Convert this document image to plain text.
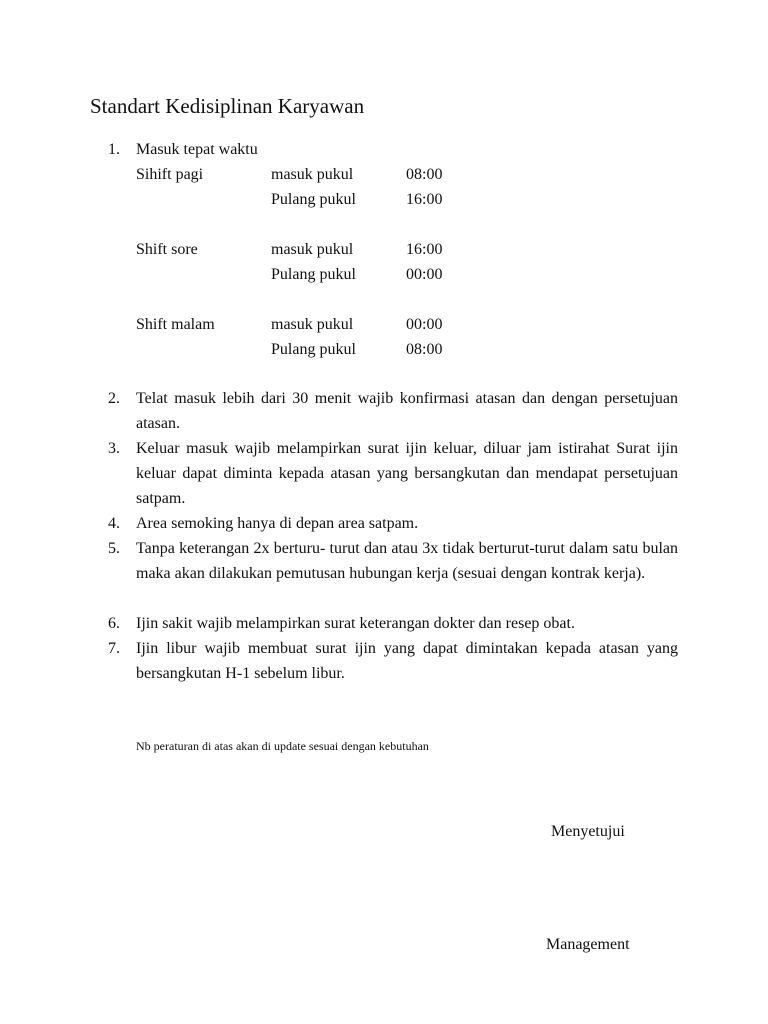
Standart Kedisiplinan Karyawan
1.	Masuk tepat waktu
Sihift pagi	masuk pukul	08:00
Pulang pukul	16:00
Shift sore	masuk pukul	16:00
Pulang pukul	00:00
Shift malam	masuk pukul	00:00
Pulang pukul	08:00
2.	Telat masuk lebih dari 30 menit wajib konfirmasi atasan dan dengan persetujuan atasan.
3.	Keluar masuk wajib melampirkan surat ijin keluar, diluar jam istirahat Surat ijin keluar dapat diminta kepada atasan yang bersangkutan dan mendapat persetujuan satpam.
4.	Area semoking hanya di depan area satpam.
5.	Tanpa keterangan 2x berturu- turut dan atau 3x tidak berturut-turut dalam satu bulan maka akan dilakukan pemutusan hubungan kerja (sesuai dengan kontrak kerja).
6.	Ijin sakit wajib melampirkan surat keterangan dokter dan resep obat.
7.	Ijin libur wajib membuat surat ijin yang dapat dimintakan kepada atasan yang bersangkutan H-1 sebelum libur.
Nb peraturan di atas akan di update sesuai dengan kebutuhan
Menyetujui
Management
